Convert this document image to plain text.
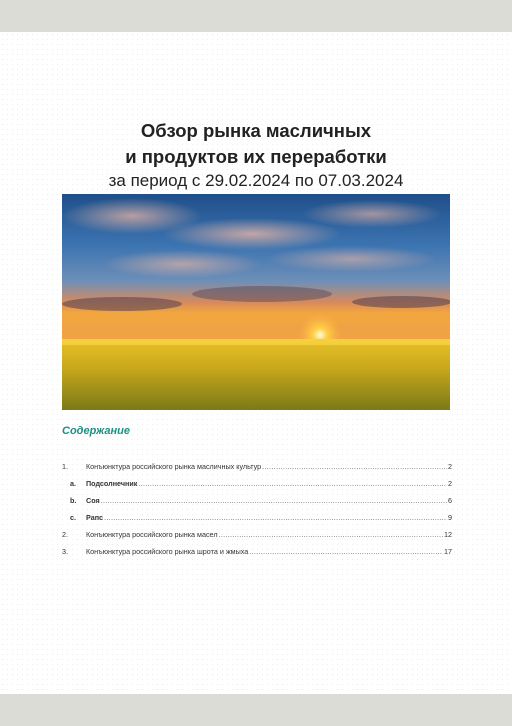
Обзор рынка масличных
и продуктов их переработки
за период с 29.02.2024 по 07.03.2024
Содержание
1.	Конъюнктура российского рынка масличных культур .....	2
a.	Подсолнечник .....	2
b.	Соя .....	6
c.	Рапс .....	9
2.	Конъюнктура российского рынка масел .....	12
3.	Конъюнктура российского рынка шрота и жмыха .....	17
